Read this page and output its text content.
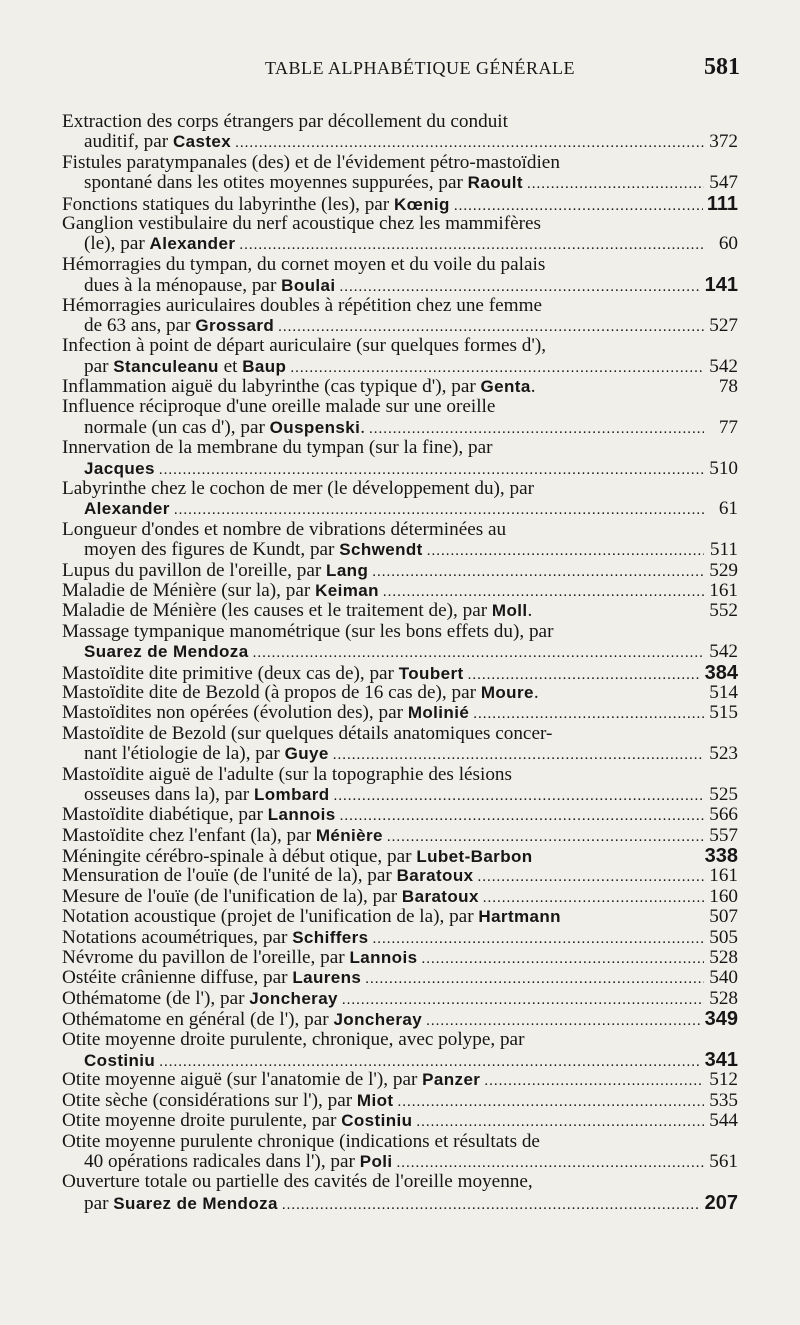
TABLE ALPHABÉTIQUE GÉNÉRALE	581
Extraction des corps étrangers par décollement du conduit
auditif, par Castex .....	372
Fistules paratympanales (des) et de l'évidement pétro-mastoïdien
spontané dans les otites moyennes suppurées, par Raoult .....	547
Fonctions statiques du labyrinthe (les), par Kœnig .....	111
Ganglion vestibulaire du nerf acoustique chez les mammifères
(le), par Alexander .....	60
Hémorragies du tympan, du cornet moyen et du voile du palais
dues à la ménopause, par Boulai .....	141
Hémorragies auriculaires doubles à répétition chez une femme
de 63 ans, par Grossard .....	527
Infection à point de départ auriculaire (sur quelques formes d'),
par Stanculeanu et Baup .....	542
Inflammation aiguë du labyrinthe (cas typique d'), par Genta .	78
Influence réciproque d'une oreille malade sur une oreille
normale (un cas d'), par Ouspenski . .....	77
Innervation de la membrane du tympan (sur la fine), par
Jacques .....	510
Labyrinthe chez le cochon de mer (le développement du), par
Alexander .....	61
Longueur d'ondes et nombre de vibrations déterminées au
moyen des figures de Kundt, par Schwendt .....	511
Lupus du pavillon de l'oreille, par Lang .....	529
Maladie de Ménière (sur la), par Keiman .....	161
Maladie de Ménière (les causes et le traitement de), par Moll .	552
Massage tympanique manométrique (sur les bons effets du), par
Suarez de Mendoza .....	542
Mastoïdite dite primitive (deux cas de), par Toubert .....	384
Mastoïdite dite de Bezold (à propos de 16 cas de), par Moure .	514
Mastoïdites non opérées (évolution des), par Molinié .....	515
Mastoïdite de Bezold (sur quelques détails anatomiques concer-
nant l'étiologie de la), par Guye .....	523
Mastoïdite aiguë de l'adulte (sur la topographie des lésions
osseuses dans la), par Lombard .....	525
Mastoïdite diabétique, par Lannois .....	566
Mastoïdite chez l'enfant (la), par Ménière .....	557
Méningite cérébro-spinale à début otique, par Lubet-Barbon	338
Mensuration de l'ouïe (de l'unité de la), par Baratoux .....	161
Mesure de l'ouïe (de l'unification de la), par Baratoux .....	160
Notation acoustique (projet de l'unification de la), par Hartmann	507
Notations acoumétriques, par Schiffers .....	505
Névrome du pavillon de l'oreille, par Lannois .....	528
Ostéite crânienne diffuse, par Laurens .....	540
Othématome (de l'), par Joncheray .....	528
Othématome en général (de l'), par Joncheray .....	349
Otite moyenne droite purulente, chronique, avec polype, par
Costiniu .....	341
Otite moyenne aiguë (sur l'anatomie de l'), par Panzer .....	512
Otite sèche (considérations sur l'), par Miot .....	535
Otite moyenne droite purulente, par Costiniu .....	544
Otite moyenne purulente chronique (indications et résultats de
40 opérations radicales dans l'), par Poli .....	561
Ouverture totale ou partielle des cavités de l'oreille moyenne,
par Suarez de Mendoza .....	207
